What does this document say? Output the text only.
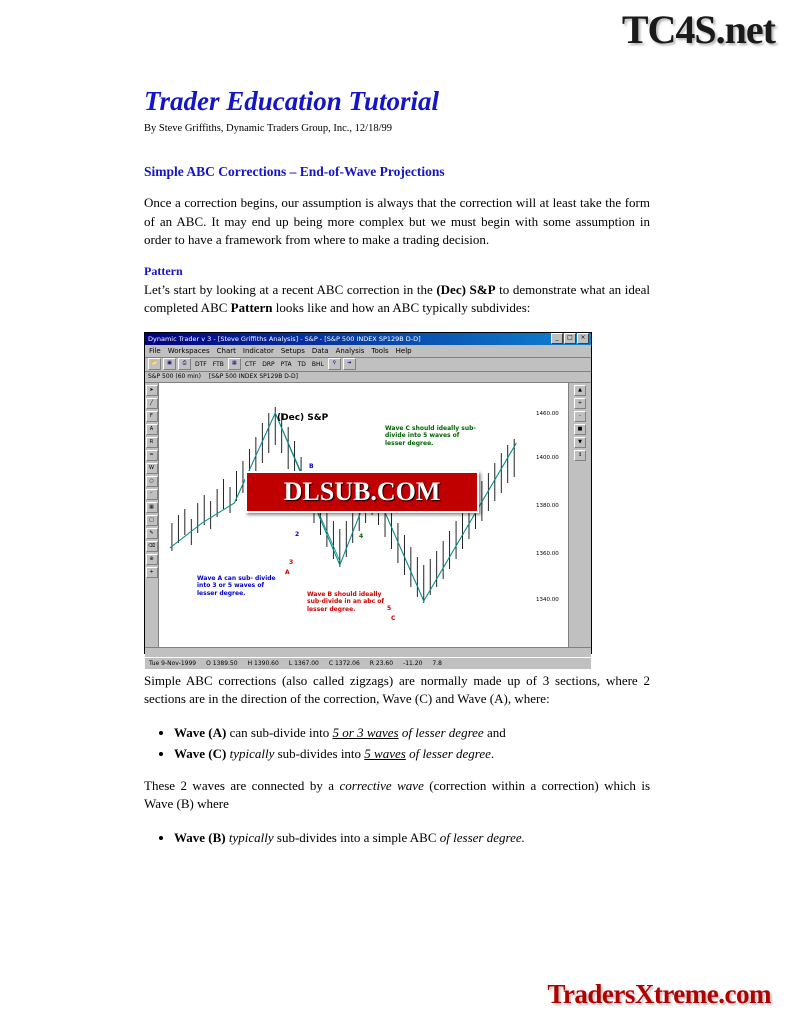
TC4S.net
Trader Education Tutorial

By Steve Griffiths, Dynamic Traders Group, Inc., 12/18/99

Simple ABC Corrections – End-of-Wave Projections

Once a correction begins, our assumption is always that the correction will at least take the form of an ABC. It may end up being more complex but we must begin with some assumption in order to have a framework from where to make a trading decision.

Pattern

Let’s start by looking at a recent ABC correction in the (Dec) S&P to demonstrate what an ideal completed ABC Pattern looks like and how an ABC typically subdivides:

Dynamic Trader v 3 - [Steve Griffiths Analysis] - S&P - [S&P 500 INDEX SP129B D-D]	_	□	×
File Workspaces Chart Indicator Setups Data Analysis Tools Help
📂	▣	⎙	DTF	FTB	▦	CTF	DRP	PTA	TD	BHL	⚲	➔
S&P 500 (60 min) [S&P 500 INDEX SP129B D-D]
➤
╱
F
A
R
═
W
○
◜
▦
□
✎
⌫
⊕
+
(Dec) S&P
Wave C should ideally sub-divide into 5 waves of lesser degree.
Wave A can sub- divide into 3 or 5 waves of lesser degree.	Wave B should ideally sub-divide in an abc of lesser degree.
2
B
3
A
4
5
C
DLSUB.COM
1460.00
1400.00
1380.00
1360.00
1340.00
▲
+
-
■
▼
↕
Tue 9-Nov-1999 O 1389.50 H 1390.60 L 1367.00 C 1372.06 R 23.60 -11.20 7.8

Simple ABC corrections (also called zigzags) are normally made up of 3 sections, where 2 sections are in the direction of the correction, Wave (C) and Wave (A), where:

• Wave (A) can sub-divide into 5 or 3 waves of lesser degree and
• Wave (C) typically sub-divides into 5 waves of lesser degree.

These 2 waves are connected by a corrective wave (correction within a correction) which is Wave (B) where

• Wave (B) typically sub-divides into a simple ABC of lesser degree.
TradersXtreme.com
